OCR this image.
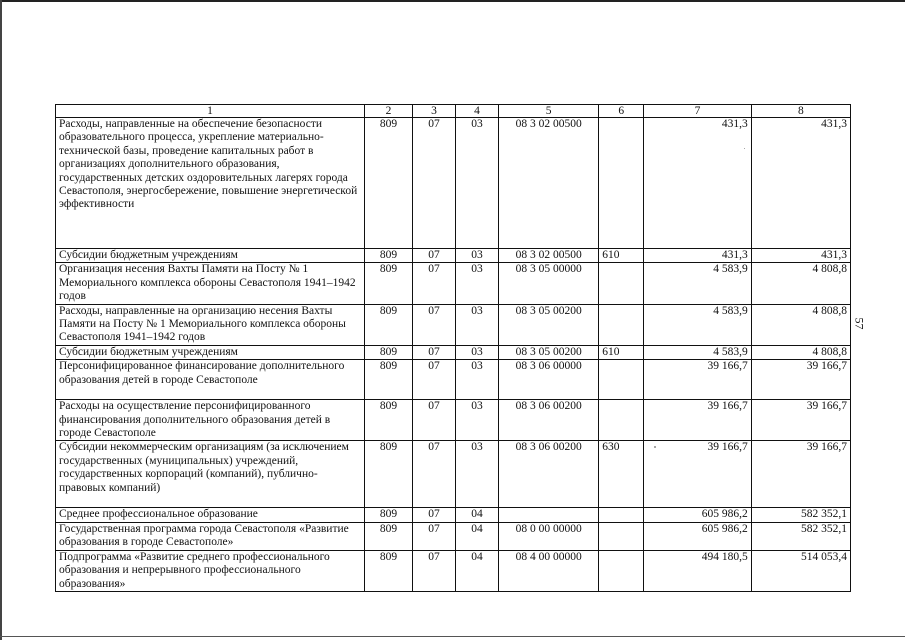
1	2	3	4	5	6	7	8
Расходы, направленные на обеспечение безопасности образовательного процесса, укрепление материально-технической базы, проведение капитальных работ в организациях дополнительного образования, государственных детских оздоровительных лагерях города Севастополя, энергосбережение, повышение энергетической эффективности	809	07	03	08 3 02 00500		431,3	431,3
Субсидии бюджетным учреждениям	809	07	03	08 3 02 00500	610	431,3	431,3
Организация несения Вахты Памяти на Посту № 1 Мемориального комплекса обороны Севастополя 1941–1942 годов	809	07	03	08 3 05 00000		4 583,9	4 808,8
Расходы, направленные на организацию несения Вахты Памяти на Посту № 1 Мемориального комплекса обороны Севастополя 1941–1942 годов	809	07	03	08 3 05 00200		4 583,9	4 808,8
Субсидии бюджетным учреждениям	809	07	03	08 3 05 00200	610	4 583,9	4 808,8
Персонифицированное финансирование дополнительного образования детей в городе Севастополе	809	07	03	08 3 06 00000		39 166,7	39 166,7
Расходы на осуществление персонифицированного финансирования дополнительного образования детей в городе Севастополе	809	07	03	08 3 06 00200		39 166,7	39 166,7
Субсидии некоммерческим организациям (за исключением государственных (муниципальных) учреждений, государственных корпораций (компаний), публично-правовых компаний)	809	07	03	08 3 06 00200	630	39 166,7	39 166,7
Среднее профессиональное образование	809	07	04			605 986,2	582 352,1
Государственная программа города Севастополя «Развитие образования в городе Севастополе»	809	07	04	08 0 00 00000		605 986,2	582 352,1
Подпрограмма «Развитие среднего профессионального образования и непрерывного профессионального образования»	809	07	04	08 4 00 00000		494 180,5	514 053,4
57
